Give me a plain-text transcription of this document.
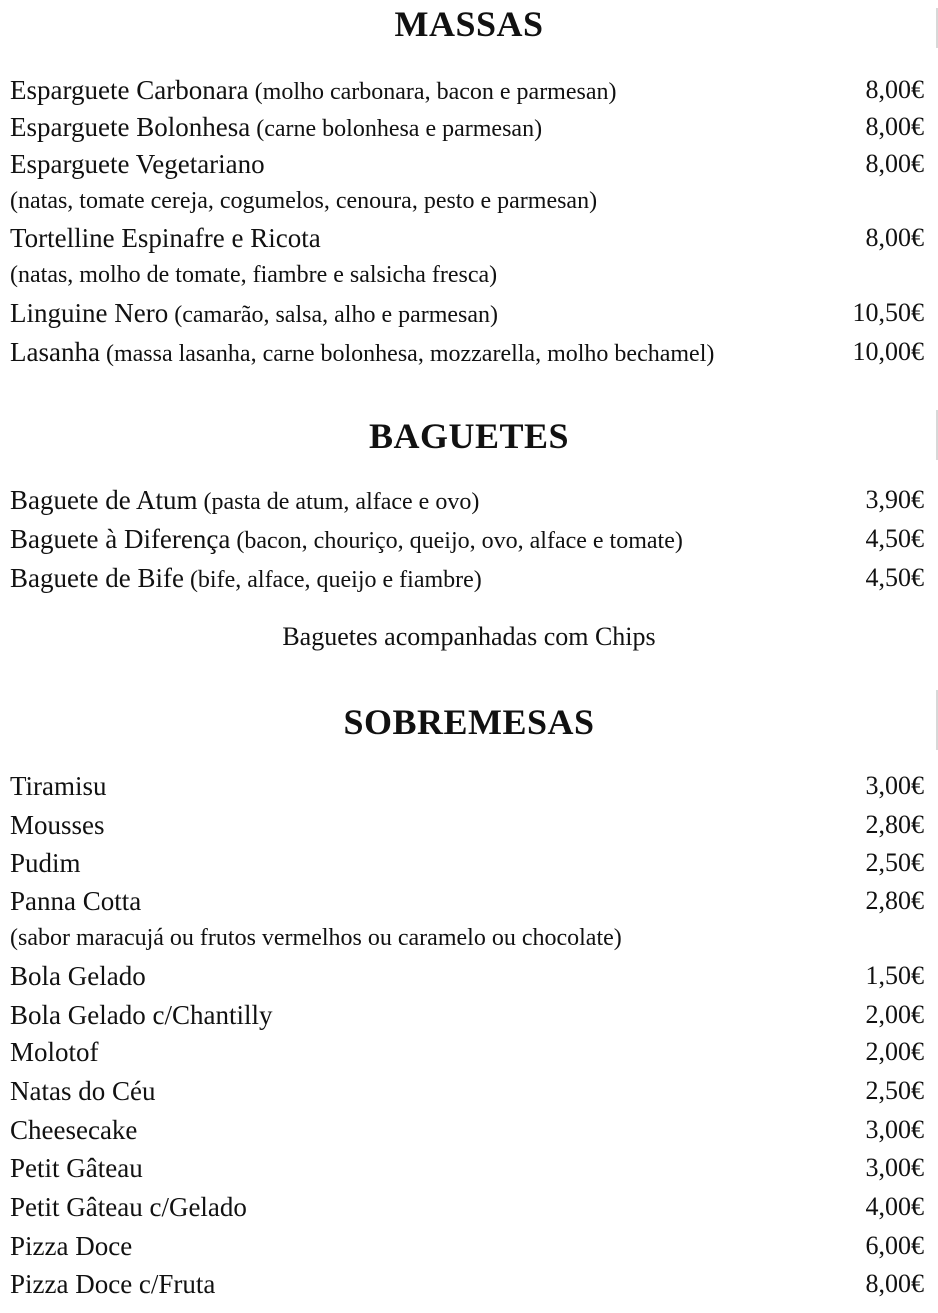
MASSAS
Esparguete Carbonara (molho carbonara, bacon e parmesan)	8,00€
Esparguete Bolonhesa (carne bolonhesa e parmesan)	8,00€
Esparguete Vegetariano	8,00€
(natas, tomate cereja, cogumelos, cenoura, pesto e parmesan)
Tortelline Espinafre e Ricota	8,00€
(natas, molho de tomate, fiambre e salsicha fresca)
Linguine Nero (camarão, salsa, alho e parmesan)	10,50€
Lasanha (massa lasanha, carne bolonhesa, mozzarella, molho bechamel)	10,00€
BAGUETES
Baguete de Atum (pasta de atum, alface e ovo)	3,90€
Baguete à Diferença (bacon, chouriço, queijo, ovo, alface e tomate)	4,50€
Baguete de Bife (bife, alface, queijo e fiambre)	4,50€
Baguetes acompanhadas com Chips
SOBREMESAS
Tiramisu	3,00€
Mousses	2,80€
Pudim	2,50€
Panna Cotta	2,80€
(sabor maracujá ou frutos vermelhos ou caramelo ou chocolate)
Bola Gelado	1,50€
Bola Gelado c/Chantilly	2,00€
Molotof	2,00€
Natas do Céu	2,50€
Cheesecake	3,00€
Petit Gâteau	3,00€
Petit Gâteau c/Gelado	4,00€
Pizza Doce	6,00€
Pizza Doce c/Fruta	8,00€
